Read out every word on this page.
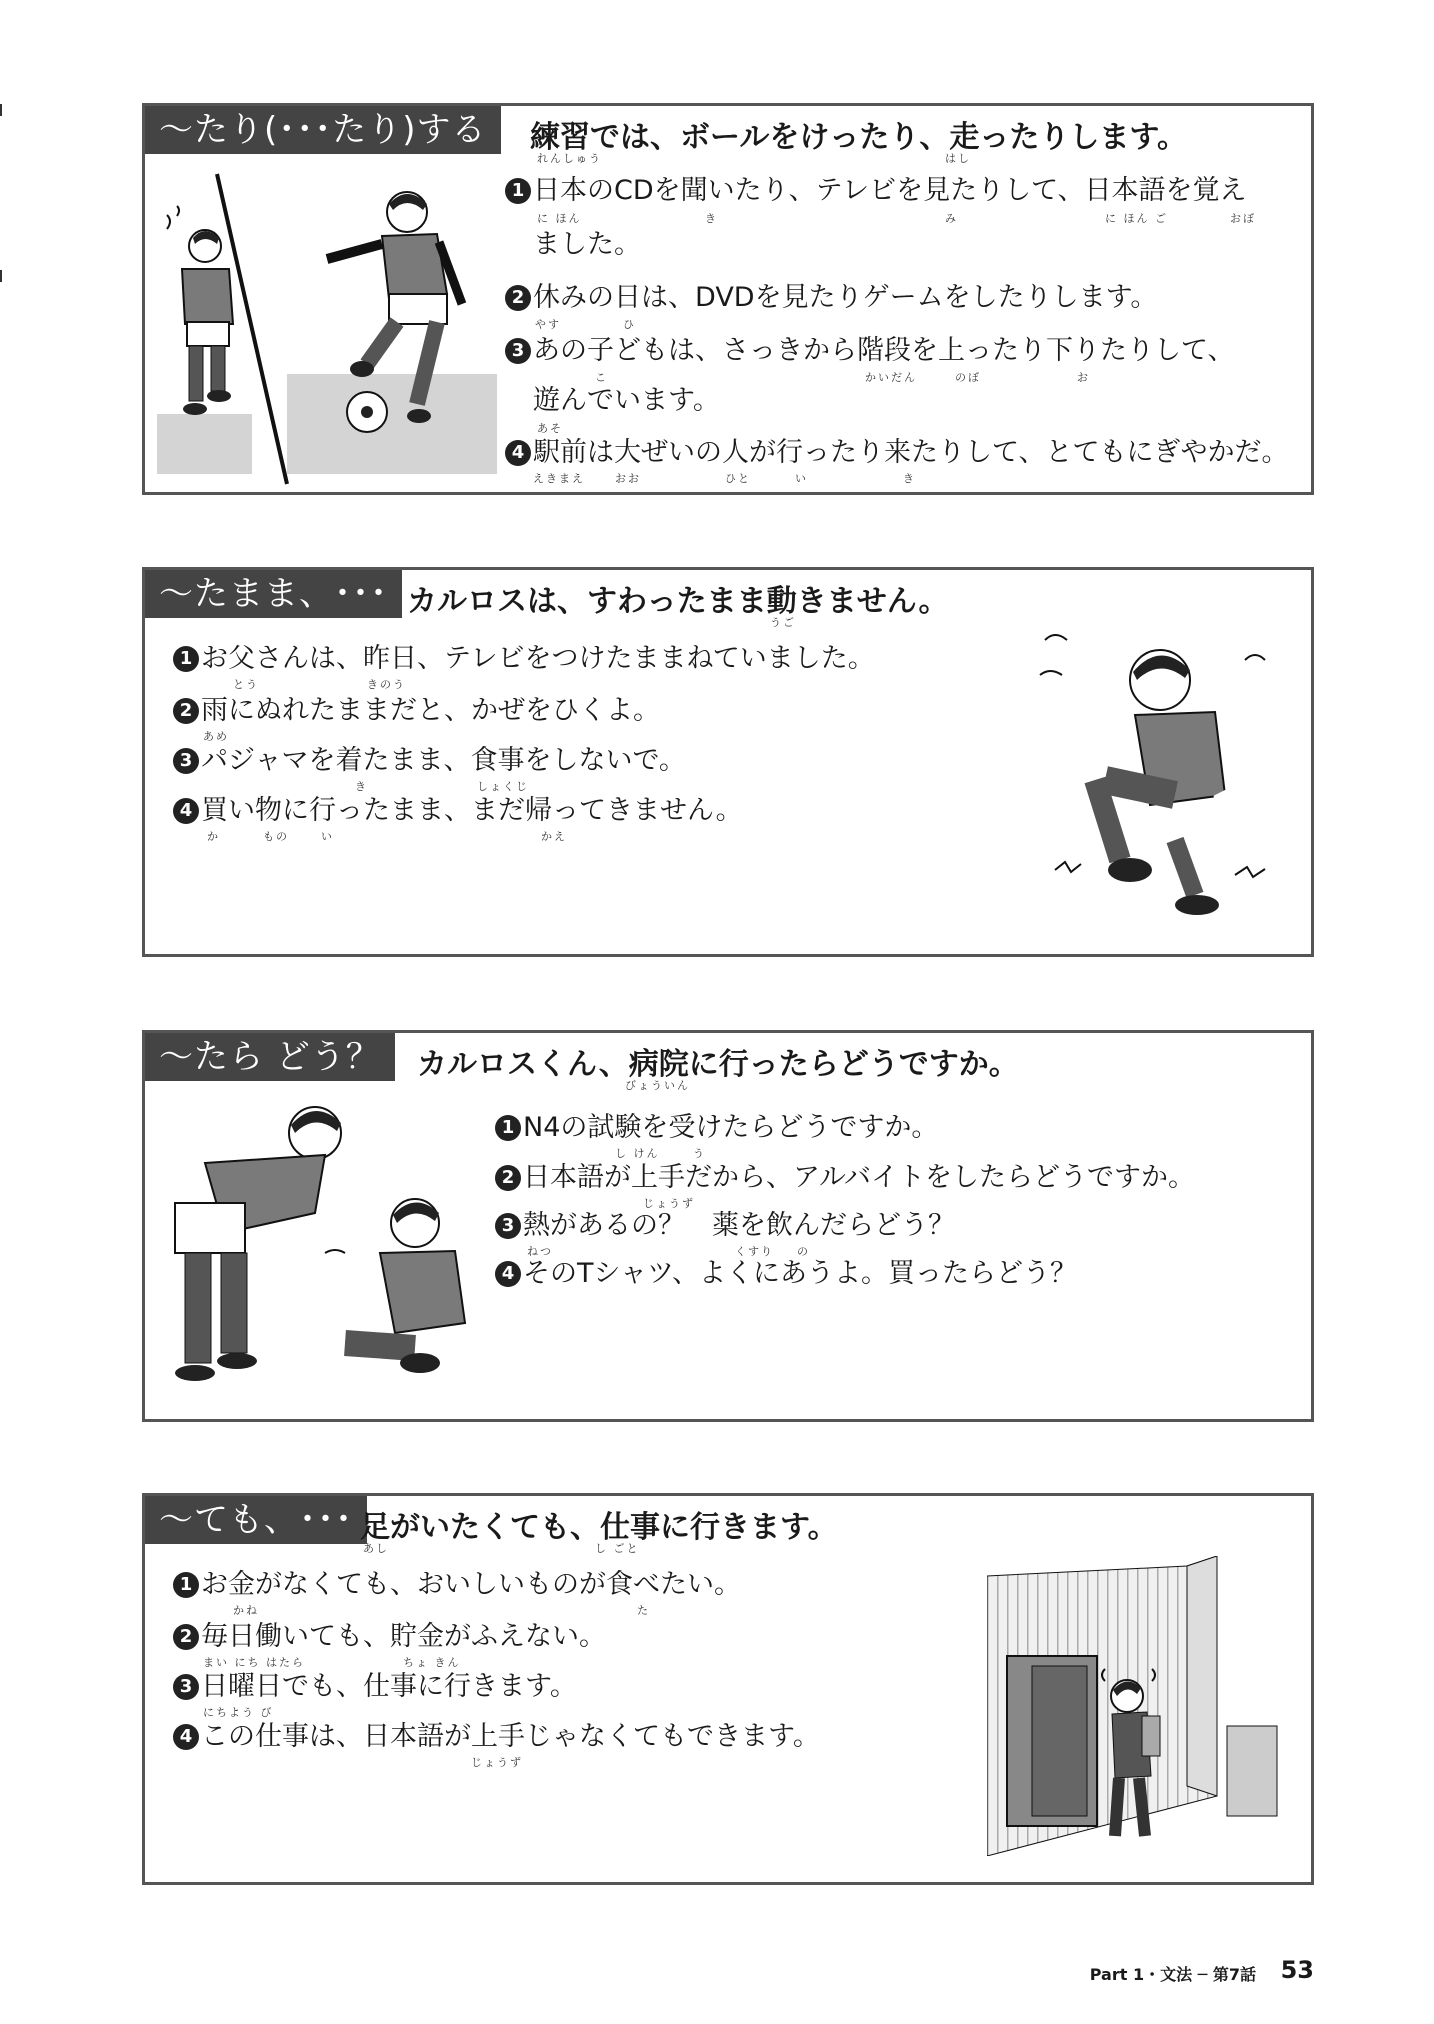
〜たり(･･･たり)する	練習では、ボールをけったり、走ったりします。
れんしゅう	はし
1 日本のCDを聞いたり、テレビを見たりして、日本語を覚え
に ほん	き	み	に ほん ご	おぼ
ました。
2 休みの日は、DVDを見たりゲームをしたりします。
やす	ひ
3 あの子どもは、さっきから階段を上ったり下りたりして、
こ	かいだん	のぼ	お
遊んでいます。
あそ
4 駅前は大ぜいの人が行ったり来たりして、とてもにぎやかだ。
えきまえ	おお	ひと	い	き
〜たまま、･･･ カルロスは、すわったまま動きません。
うご
1 お父さんは、昨日、テレビをつけたままねていました。
とう	きのう
2 雨にぬれたままだと、かぜをひくよ。
あめ
3 パジャマを着たまま、食事をしないで。
き	しょくじ
4 買い物に行ったまま、まだ帰ってきません。
か	もの	い	かえ
〜たら どう？	カルロスくん、病院に行ったらどうですか。
びょういん
1 N4の試験を受けたらどうですか。
し けん	う
2 日本語が上手だから、アルバイトをしたらどうですか。
じょうず
3 熱があるの？　薬を飲んだらどう？
ねつ	くすり の
4 そのTシャツ、よくにあうよ。買ったらどう？
〜ても、･･･ 足がいたくても、仕事に行きます。
あし	し ごと
1 お金がなくても、おいしいものが食べたい。
かね	た
2 毎日働いても、貯金がふえない。
まい にち はたら	ちょ きん
3 日曜日でも、仕事に行きます。
にちよう び
4 この仕事は、日本語が上手じゃなくてもできます。
じょうず
Part 1・文法 ─ 第7話 53
